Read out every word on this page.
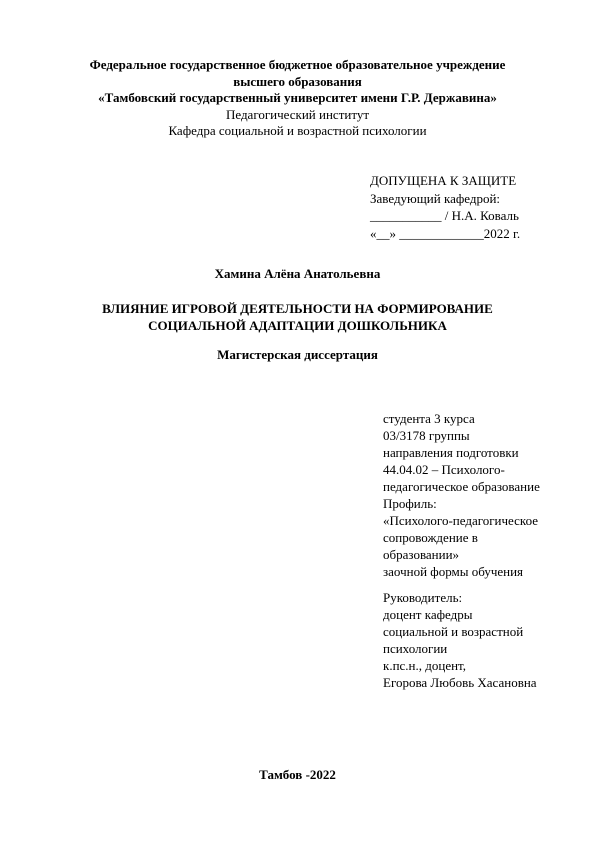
Федеральное государственное бюджетное образовательное учреждение
высшего образования
«Тамбовский государственный университет имени Г.Р. Державина»
Педагогический институт
Кафедра социальной и возрастной психологии
ДОПУЩЕНА К ЗАЩИТЕ
Заведующий кафедрой:
___________ / Н.А. Коваль
«__» _____________2022 г.
Хамина Алёна Анатольевна
ВЛИЯНИЕ ИГРОВОЙ ДЕЯТЕЛЬНОСТИ НА ФОРМИРОВАНИЕ
СОЦИАЛЬНОЙ АДАПТАЦИИ ДОШКОЛЬНИКА
Магистерская диссертация
студента 3 курса
03/3178 группы
направления подготовки
44.04.02 – Психолого-
педагогическое образование
Профиль:
«Психолого-педагогическое
сопровождение в
образовании»
заочной формы обучения
Руководитель:
доцент кафедры
социальной и возрастной
психологии
к.пс.н., доцент,
Егорова Любовь Хасановна
Тамбов -2022
